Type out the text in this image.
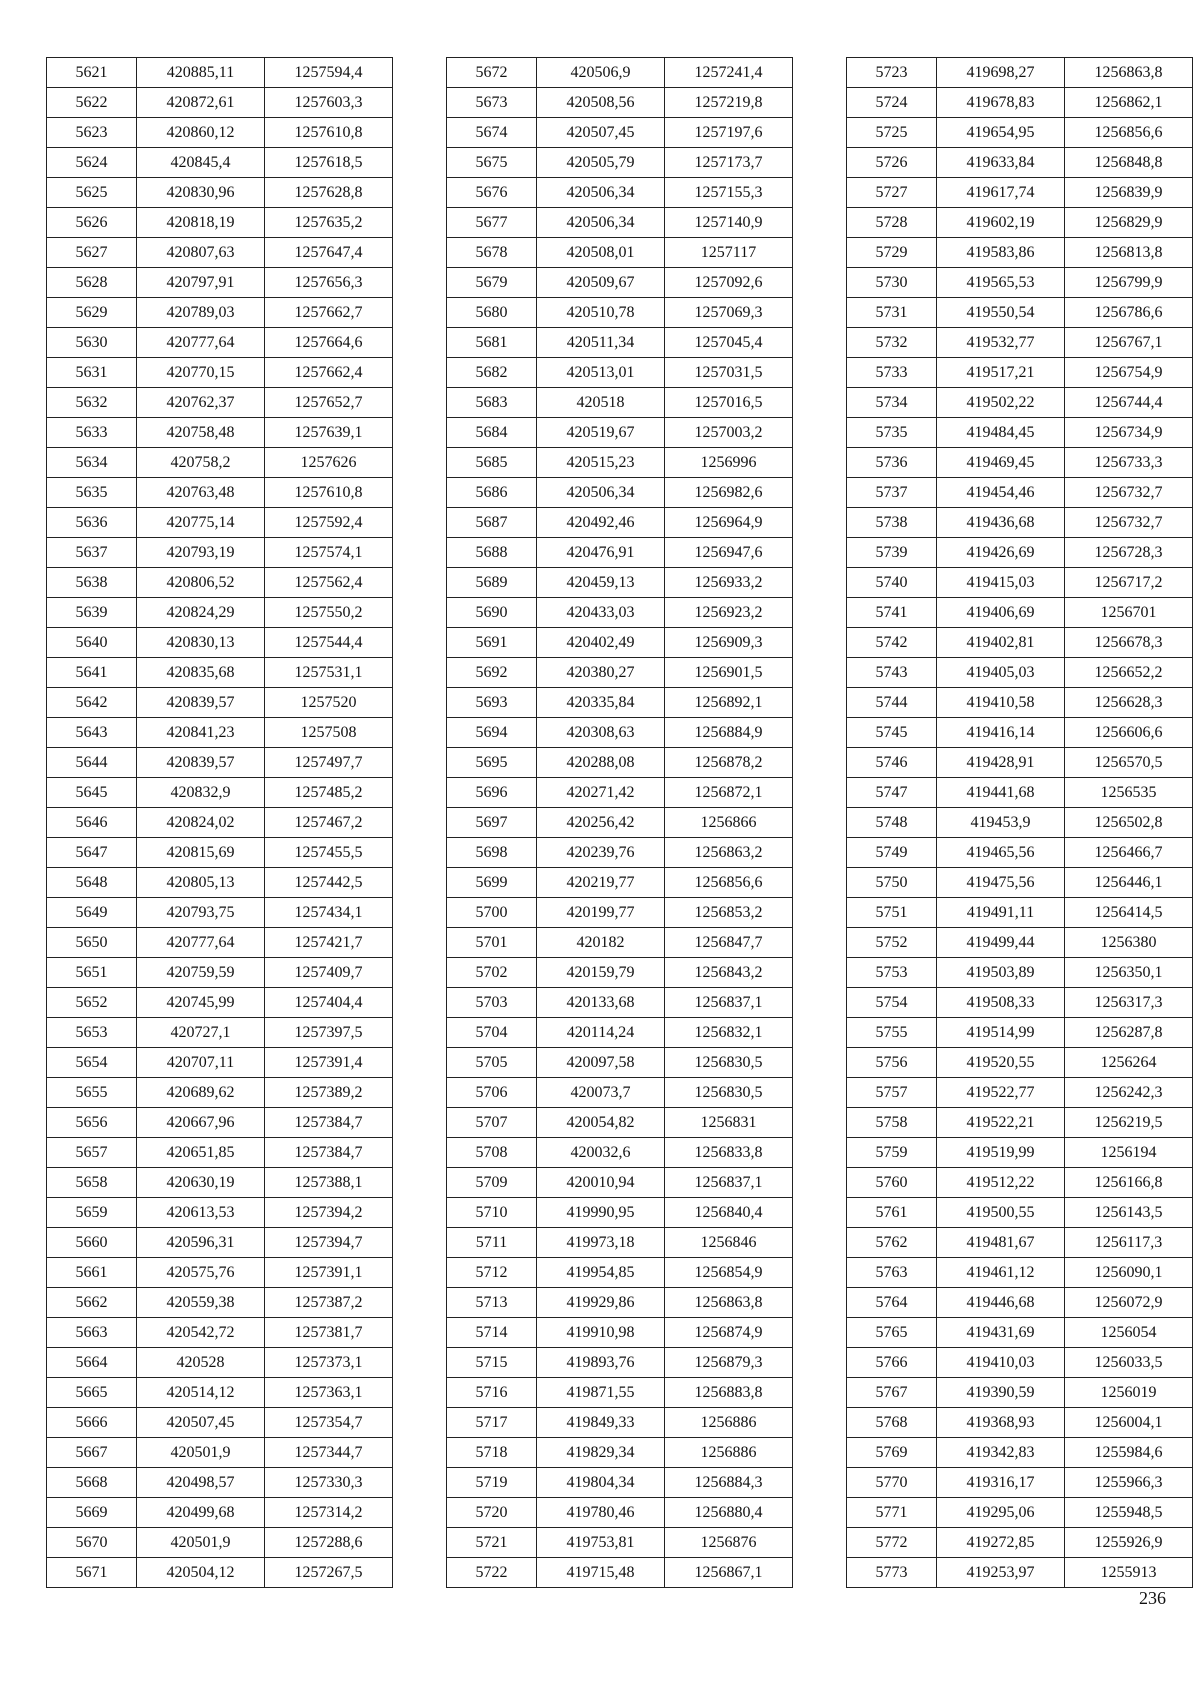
5621	420885,11	1257594,4
5622	420872,61	1257603,3
5623	420860,12	1257610,8
5624	420845,4	1257618,5
5625	420830,96	1257628,8
5626	420818,19	1257635,2
5627	420807,63	1257647,4
5628	420797,91	1257656,3
5629	420789,03	1257662,7
5630	420777,64	1257664,6
5631	420770,15	1257662,4
5632	420762,37	1257652,7
5633	420758,48	1257639,1
5634	420758,2	1257626
5635	420763,48	1257610,8
5636	420775,14	1257592,4
5637	420793,19	1257574,1
5638	420806,52	1257562,4
5639	420824,29	1257550,2
5640	420830,13	1257544,4
5641	420835,68	1257531,1
5642	420839,57	1257520
5643	420841,23	1257508
5644	420839,57	1257497,7
5645	420832,9	1257485,2
5646	420824,02	1257467,2
5647	420815,69	1257455,5
5648	420805,13	1257442,5
5649	420793,75	1257434,1
5650	420777,64	1257421,7
5651	420759,59	1257409,7
5652	420745,99	1257404,4
5653	420727,1	1257397,5
5654	420707,11	1257391,4
5655	420689,62	1257389,2
5656	420667,96	1257384,7
5657	420651,85	1257384,7
5658	420630,19	1257388,1
5659	420613,53	1257394,2
5660	420596,31	1257394,7
5661	420575,76	1257391,1
5662	420559,38	1257387,2
5663	420542,72	1257381,7
5664	420528	1257373,1
5665	420514,12	1257363,1
5666	420507,45	1257354,7
5667	420501,9	1257344,7
5668	420498,57	1257330,3
5669	420499,68	1257314,2
5670	420501,9	1257288,6
5671	420504,12	1257267,5
5672	420506,9	1257241,4
5673	420508,56	1257219,8
5674	420507,45	1257197,6
5675	420505,79	1257173,7
5676	420506,34	1257155,3
5677	420506,34	1257140,9
5678	420508,01	1257117
5679	420509,67	1257092,6
5680	420510,78	1257069,3
5681	420511,34	1257045,4
5682	420513,01	1257031,5
5683	420518	1257016,5
5684	420519,67	1257003,2
5685	420515,23	1256996
5686	420506,34	1256982,6
5687	420492,46	1256964,9
5688	420476,91	1256947,6
5689	420459,13	1256933,2
5690	420433,03	1256923,2
5691	420402,49	1256909,3
5692	420380,27	1256901,5
5693	420335,84	1256892,1
5694	420308,63	1256884,9
5695	420288,08	1256878,2
5696	420271,42	1256872,1
5697	420256,42	1256866
5698	420239,76	1256863,2
5699	420219,77	1256856,6
5700	420199,77	1256853,2
5701	420182	1256847,7
5702	420159,79	1256843,2
5703	420133,68	1256837,1
5704	420114,24	1256832,1
5705	420097,58	1256830,5
5706	420073,7	1256830,5
5707	420054,82	1256831
5708	420032,6	1256833,8
5709	420010,94	1256837,1
5710	419990,95	1256840,4
5711	419973,18	1256846
5712	419954,85	1256854,9
5713	419929,86	1256863,8
5714	419910,98	1256874,9
5715	419893,76	1256879,3
5716	419871,55	1256883,8
5717	419849,33	1256886
5718	419829,34	1256886
5719	419804,34	1256884,3
5720	419780,46	1256880,4
5721	419753,81	1256876
5722	419715,48	1256867,1
5723	419698,27	1256863,8
5724	419678,83	1256862,1
5725	419654,95	1256856,6
5726	419633,84	1256848,8
5727	419617,74	1256839,9
5728	419602,19	1256829,9
5729	419583,86	1256813,8
5730	419565,53	1256799,9
5731	419550,54	1256786,6
5732	419532,77	1256767,1
5733	419517,21	1256754,9
5734	419502,22	1256744,4
5735	419484,45	1256734,9
5736	419469,45	1256733,3
5737	419454,46	1256732,7
5738	419436,68	1256732,7
5739	419426,69	1256728,3
5740	419415,03	1256717,2
5741	419406,69	1256701
5742	419402,81	1256678,3
5743	419405,03	1256652,2
5744	419410,58	1256628,3
5745	419416,14	1256606,6
5746	419428,91	1256570,5
5747	419441,68	1256535
5748	419453,9	1256502,8
5749	419465,56	1256466,7
5750	419475,56	1256446,1
5751	419491,11	1256414,5
5752	419499,44	1256380
5753	419503,89	1256350,1
5754	419508,33	1256317,3
5755	419514,99	1256287,8
5756	419520,55	1256264
5757	419522,77	1256242,3
5758	419522,21	1256219,5
5759	419519,99	1256194
5760	419512,22	1256166,8
5761	419500,55	1256143,5
5762	419481,67	1256117,3
5763	419461,12	1256090,1
5764	419446,68	1256072,9
5765	419431,69	1256054
5766	419410,03	1256033,5
5767	419390,59	1256019
5768	419368,93	1256004,1
5769	419342,83	1255984,6
5770	419316,17	1255966,3
5771	419295,06	1255948,5
5772	419272,85	1255926,9
5773	419253,97	1255913
236
